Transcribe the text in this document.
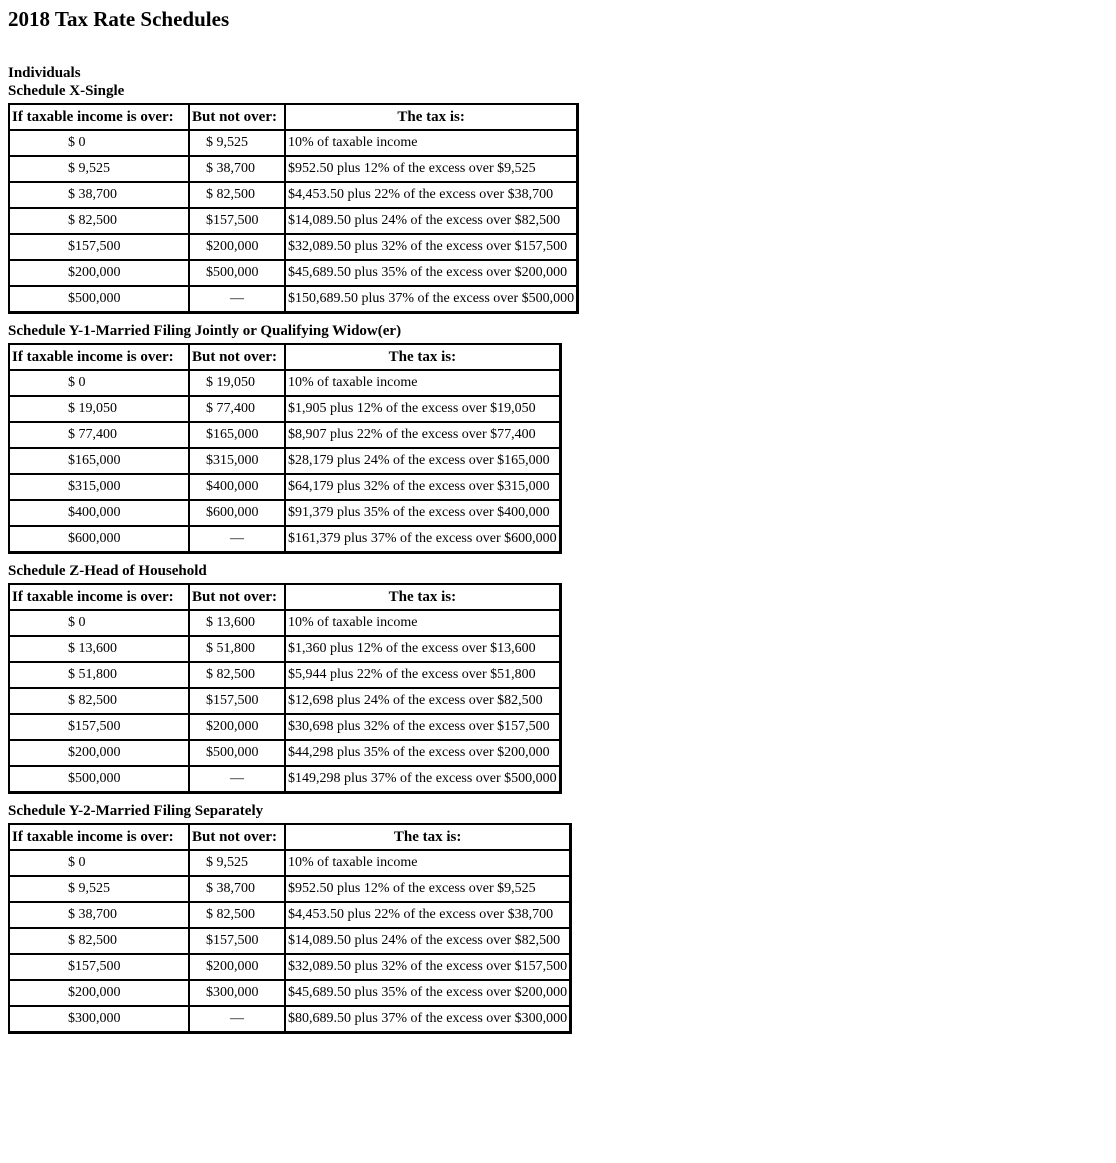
2018 Tax Rate Schedules
Individuals
Schedule X-Single
If taxable income is over:	But not over:	The tax is:
$ 0	$ 9,525	10% of taxable income
$ 9,525	$ 38,700	$952.50 plus 12% of the excess over $9,525
$ 38,700	$ 82,500	$4,453.50 plus 22% of the excess over $38,700
$ 82,500	$157,500	$14,089.50 plus 24% of the excess over $82,500
$157,500	$200,000	$32,089.50 plus 32% of the excess over $157,500
$200,000	$500,000	$45,689.50 plus 35% of the excess over $200,000
$500,000	—	$150,689.50 plus 37% of the excess over $500,000
Schedule Y-1-Married Filing Jointly or Qualifying Widow(er)
If taxable income is over:	But not over:	The tax is:
$ 0	$ 19,050	10% of taxable income
$ 19,050	$ 77,400	$1,905 plus 12% of the excess over $19,050
$ 77,400	$165,000	$8,907 plus 22% of the excess over $77,400
$165,000	$315,000	$28,179 plus 24% of the excess over $165,000
$315,000	$400,000	$64,179 plus 32% of the excess over $315,000
$400,000	$600,000	$91,379 plus 35% of the excess over $400,000
$600,000	—	$161,379 plus 37% of the excess over $600,000
Schedule Z-Head of Household
If taxable income is over:	But not over:	The tax is:
$ 0	$ 13,600	10% of taxable income
$ 13,600	$ 51,800	$1,360 plus 12% of the excess over $13,600
$ 51,800	$ 82,500	$5,944 plus 22% of the excess over $51,800
$ 82,500	$157,500	$12,698 plus 24% of the excess over $82,500
$157,500	$200,000	$30,698 plus 32% of the excess over $157,500
$200,000	$500,000	$44,298 plus 35% of the excess over $200,000
$500,000	—	$149,298 plus 37% of the excess over $500,000
Schedule Y-2-Married Filing Separately
If taxable income is over:	But not over:	The tax is:
$ 0	$ 9,525	10% of taxable income
$ 9,525	$ 38,700	$952.50 plus 12% of the excess over $9,525
$ 38,700	$ 82,500	$4,453.50 plus 22% of the excess over $38,700
$ 82,500	$157,500	$14,089.50 plus 24% of the excess over $82,500
$157,500	$200,000	$32,089.50 plus 32% of the excess over $157,500
$200,000	$300,000	$45,689.50 plus 35% of the excess over $200,000
$300,000	—	$80,689.50 plus 37% of the excess over $300,000
